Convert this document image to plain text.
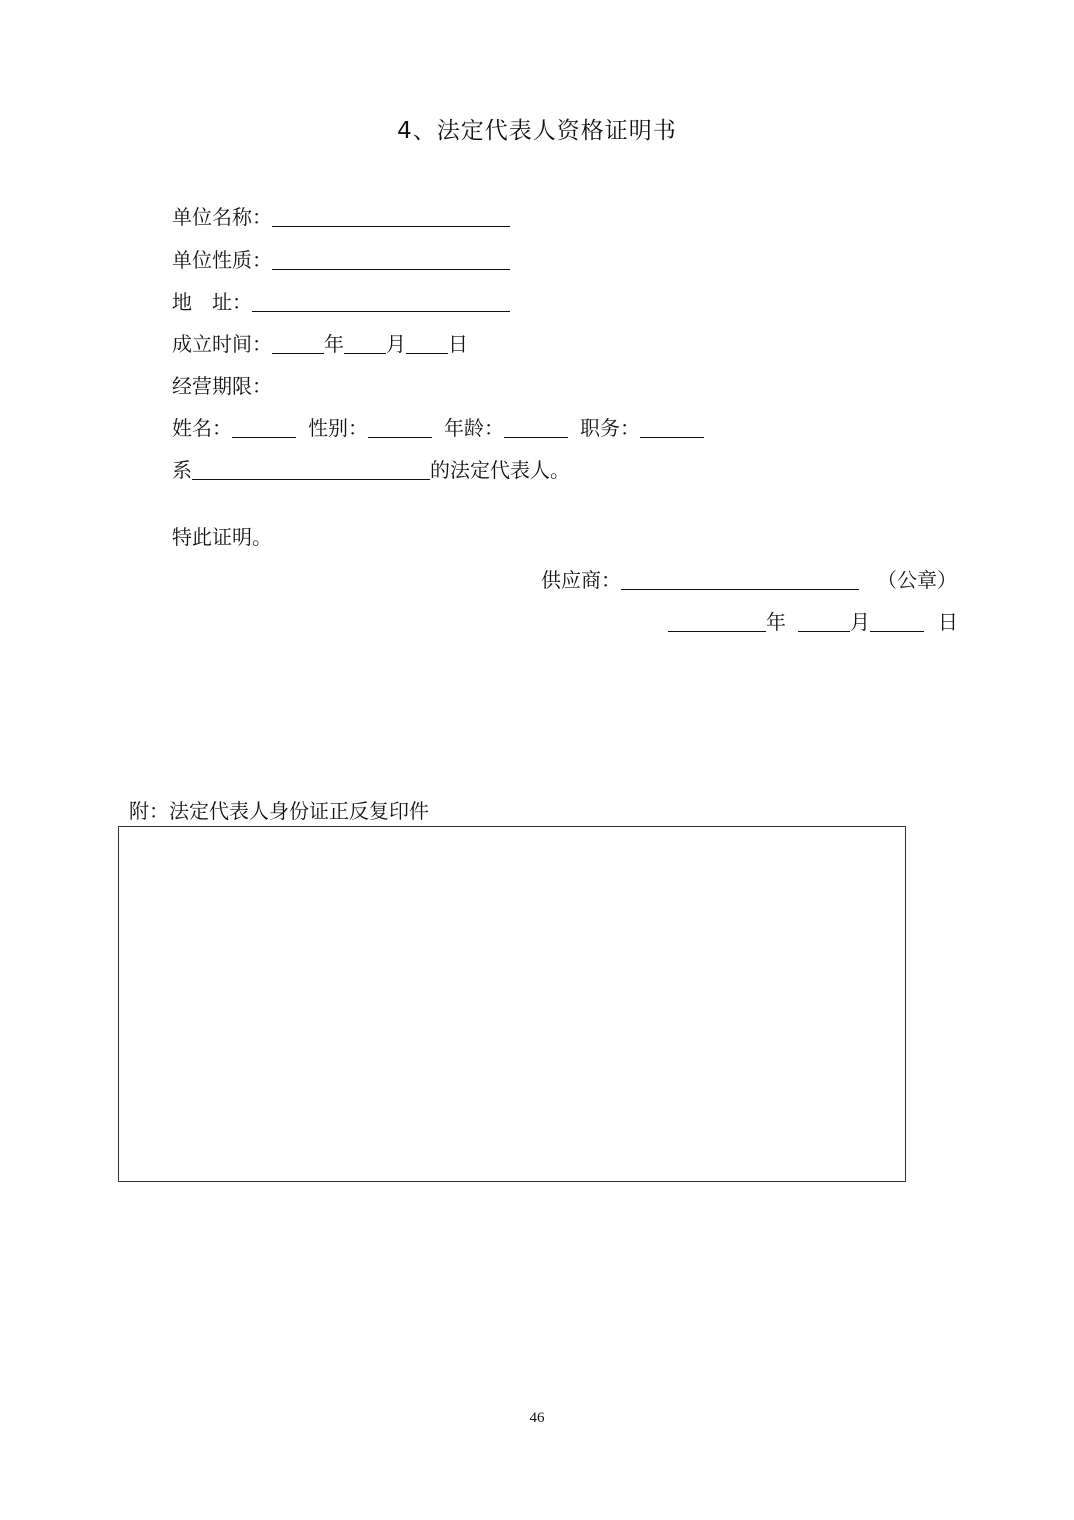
4、法定代表人资格证明书
单位名称：
单位性质：
地　址：
成立时间：	年 月 日
经营期限：
姓名：	性别：	年龄：	职务：
系	的法定代表人。
特此证明。
供应商：	（公章）
年	月	日
附：法定代表人身份证正反复印件
46
